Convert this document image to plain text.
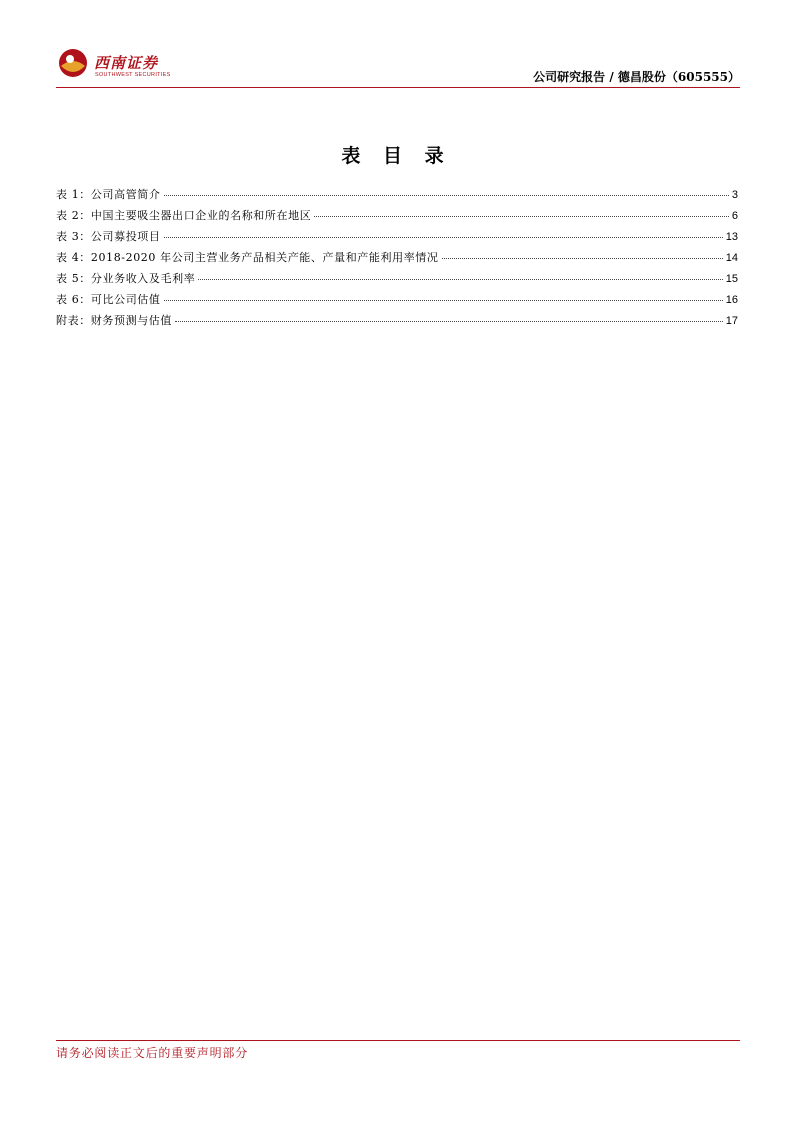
西南证券
SOUTHWEST SECURITIES	公司研究报告 / 德昌股份（605555）
表 目 录
表 1：公司高管简介	3
表 2：中国主要吸尘器出口企业的名称和所在地区	6
表 3：公司募投项目	13
表 4：2018-2020 年公司主营业务产品相关产能、产量和产能利用率情况	14
表 5：分业务收入及毛利率	15
表 6：可比公司估值	16
附表：财务预测与估值	17
请务必阅读正文后的重要声明部分
